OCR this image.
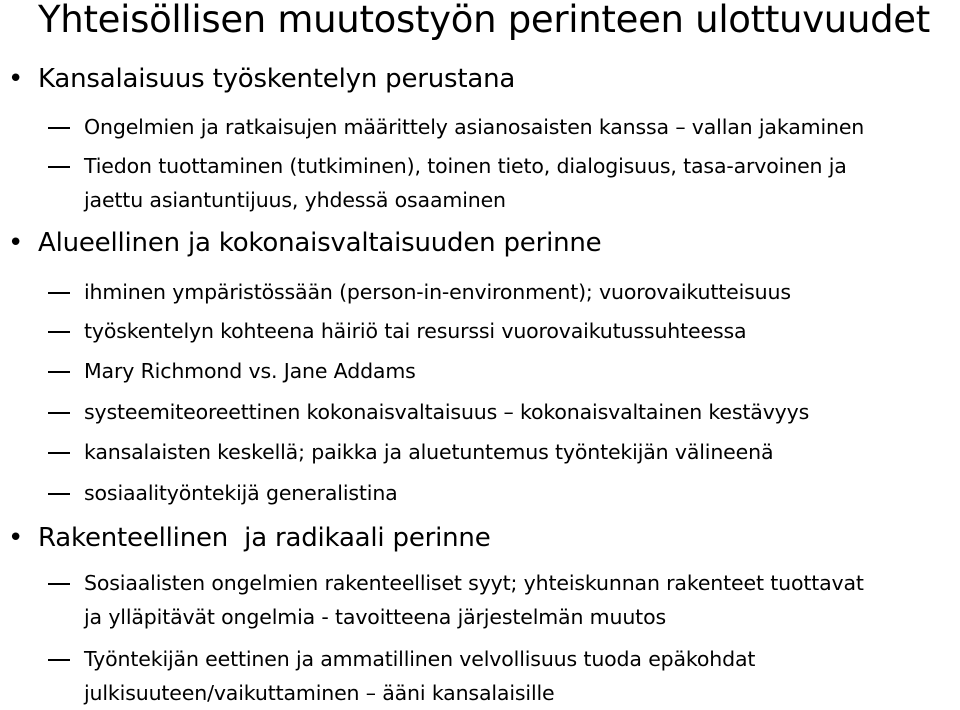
Yhteisöllisen muutostyön perinteen ulottuvuudet
• Kansalaisuus työskentelyn perustana
Ongelmien ja ratkaisujen määrittely asianosaisten kanssa – vallan jakaminen
Tiedon tuottaminen (tutkiminen), toinen tieto, dialogisuus, tasa-arvoinen ja
jaettu asiantuntijuus, yhdessä osaaminen
• Alueellinen ja kokonaisvaltaisuuden perinne
ihminen ympäristössään (person-in-environment); vuorovaikutteisuus
työskentelyn kohteena häiriö tai resurssi vuorovaikutussuhteessa
Mary Richmond vs. Jane Addams
systeemiteoreettinen kokonaisvaltaisuus – kokonaisvaltainen kestävyys
kansalaisten keskellä; paikka ja aluetuntemus työntekijän välineenä
sosiaalityöntekijä generalistina
• Rakenteellinen  ja radikaali perinne
Sosiaalisten ongelmien rakenteelliset syyt; yhteiskunnan rakenteet tuottavat
ja ylläpitävät ongelmia - tavoitteena järjestelmän muutos
Työntekijän eettinen ja ammatillinen velvollisuus tuoda epäkohdat
julkisuuteen/vaikuttaminen – ääni kansalaisille
